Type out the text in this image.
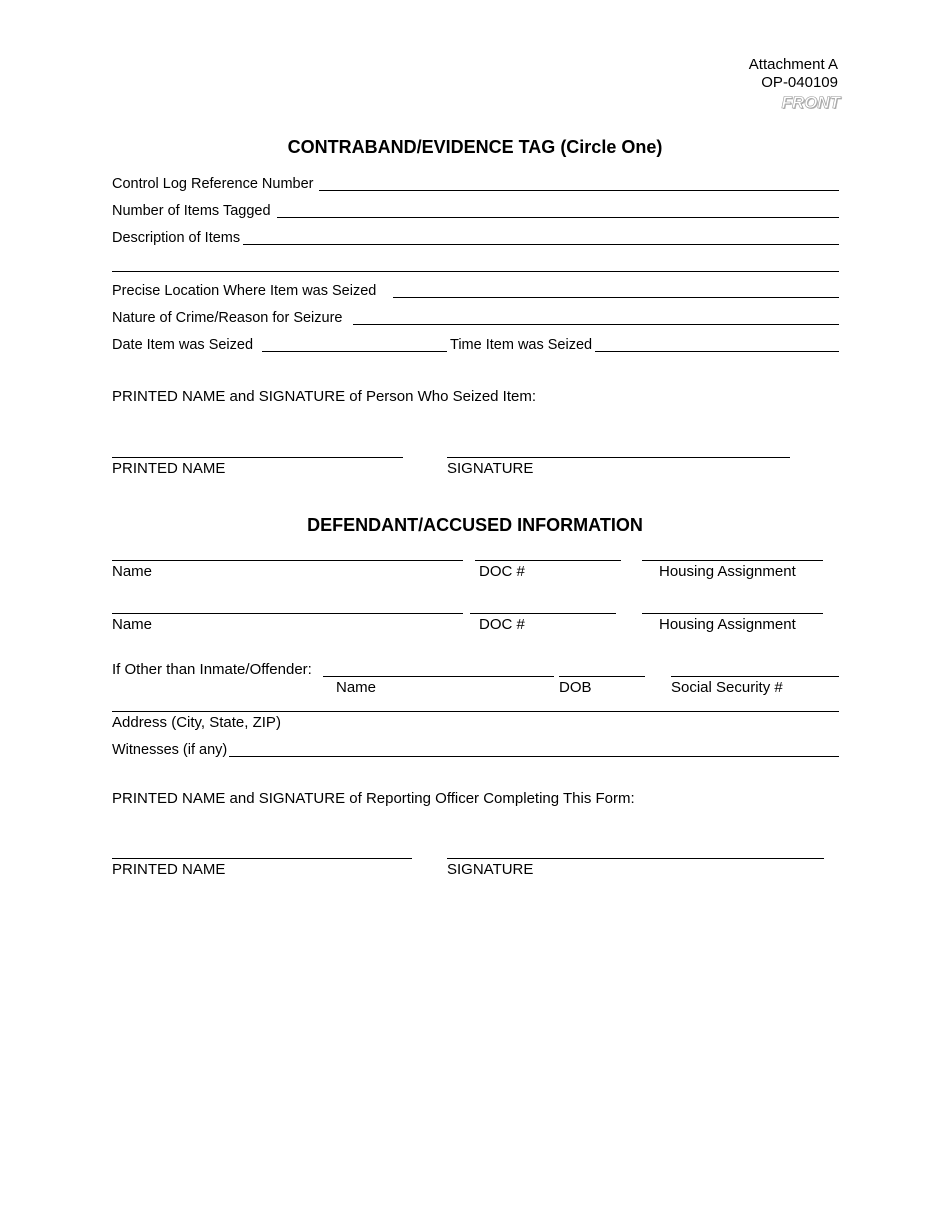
Attachment A
OP-040109
FRONT
CONTRABAND/EVIDENCE TAG (Circle One)
Control Log Reference Number
Number of Items Tagged
Description of Items
Precise Location Where Item was Seized
Nature of Crime/Reason for Seizure
Date Item was Seized	Time Item was Seized
PRINTED NAME and SIGNATURE of Person Who Seized Item:
PRINTED NAME	SIGNATURE
DEFENDANT/ACCUSED INFORMATION
Name	DOC #	Housing Assignment
Name	DOC #	Housing Assignment
If Other than Inmate/Offender:
Name	DOB	Social Security #
Address (City, State, ZIP)
Witnesses (if any)
PRINTED NAME and SIGNATURE of Reporting Officer Completing This Form:
PRINTED NAME	SIGNATURE
